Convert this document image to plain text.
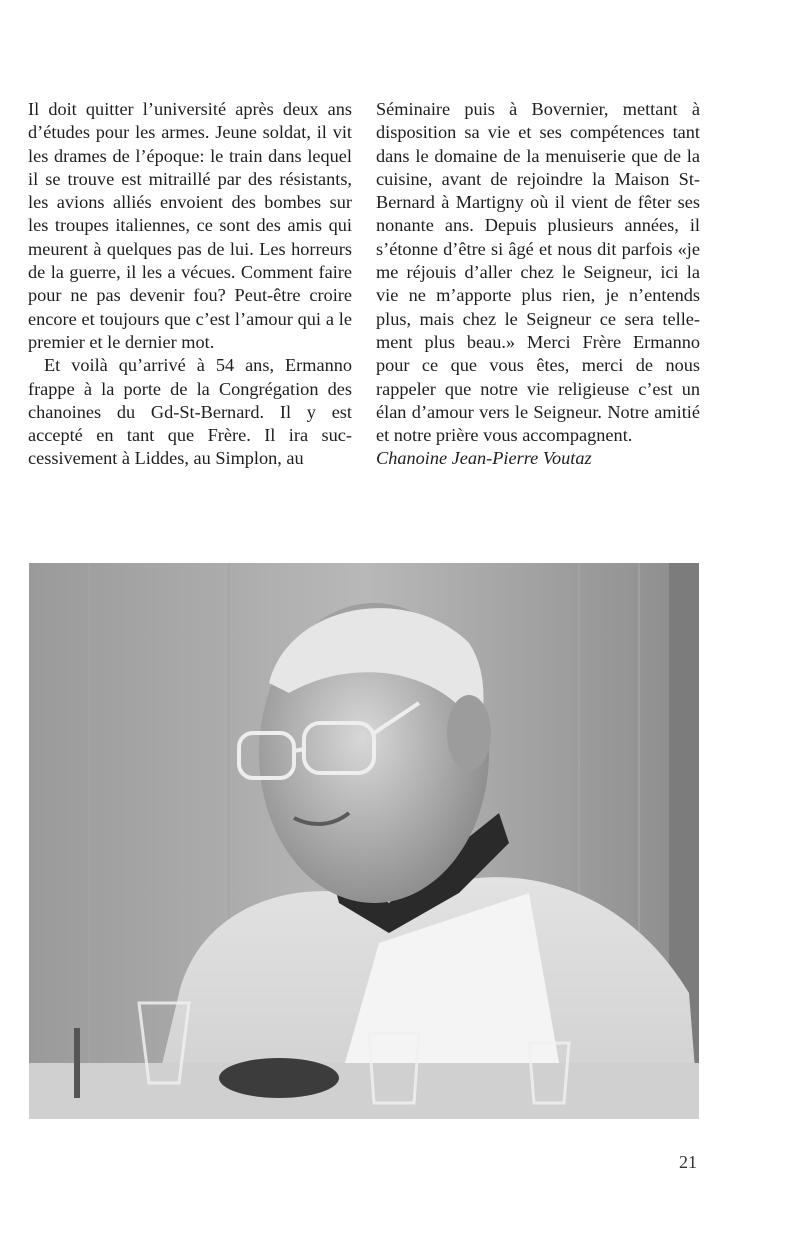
Il doit quitter l’université après deux ans d’études pour les armes. Jeune soldat, il vit les drames de l’époque: le train dans lequel il se trouve est mitraillé par des résistants, les avions alliés envoient des bombes sur les troupes italiennes, ce sont des amis qui meurent à quelques pas de lui. Les horreurs de la guerre, il les a vécues. Comment faire pour ne pas devenir fou? Peut-être croire encore et toujours que c’est l’amour qui a le premier et le dernier mot.

Et voilà qu’arrivé à 54 ans, Ermanno frappe à la porte de la Congrégation des chanoines du Gd-St-Bernard. Il y est accepté en tant que Frère. Il ira successivement à Liddes, au Simplon, au

Séminaire puis à Bovernier, mettant à disposition sa vie et ses compétences tant dans le domaine de la menuiserie que de la cuisine, avant de rejoindre la Maison St-Bernard à Martigny où il vient de fêter ses nonante ans. Depuis plusieurs années, il s’étonne d’être si âgé et nous dit parfois «je me réjouis d’aller chez le Seigneur, ici la vie ne m’apporte plus rien, je n’entends plus, mais chez le Seigneur ce sera tellement plus beau.» Merci Frère Ermanno pour ce que vous êtes, merci de nous rappeler que notre vie religieuse c’est un élan d’amour vers le Seigneur. Notre amitié et notre prière vous accompagnent.

Chanoine Jean-Pierre Voutaz

21
